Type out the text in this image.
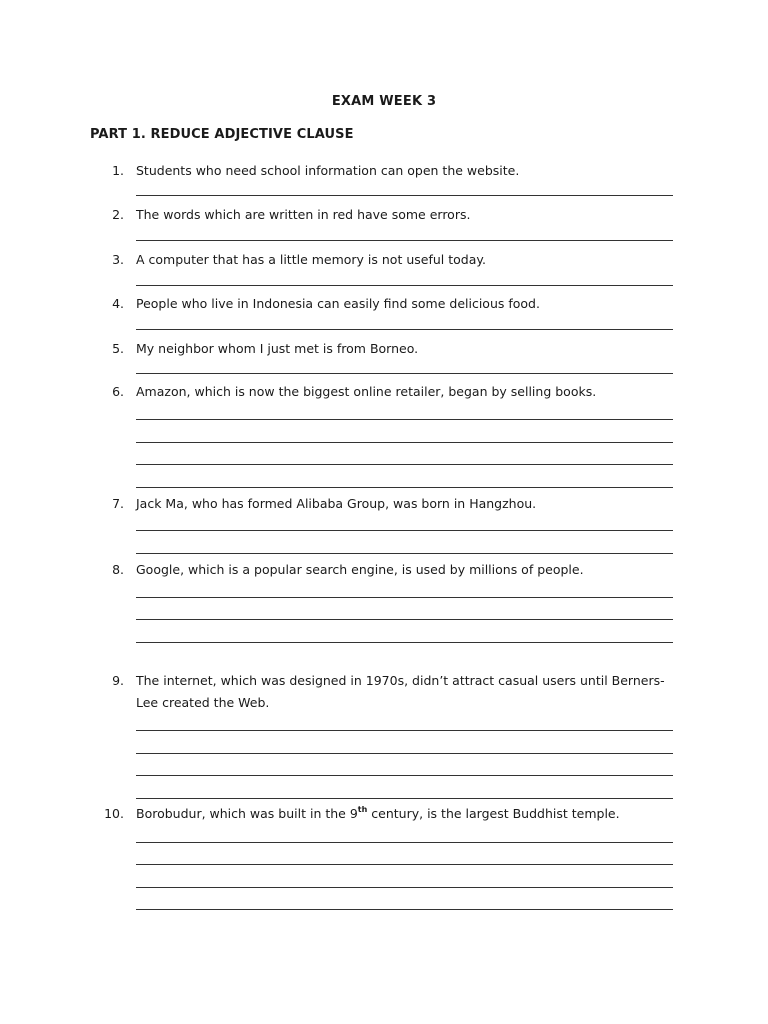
EXAM WEEK 3
PART 1. REDUCE ADJECTIVE CLAUSE
1. Students who need school information can open the website.
2. The words which are written in red have some errors.
3. A computer that has a little memory is not useful today.
4. People who live in Indonesia can easily find some delicious food.
5. My neighbor whom I just met is from Borneo.
6. Amazon, which is now the biggest online retailer, began by selling books.
7. Jack Ma, who has formed Alibaba Group, was born in Hangzhou.
8. Google, which is a popular search engine, is used by millions of people.
9. The internet, which was designed in 1970s, didn’t attract casual users until Berners-Lee created the Web.
10. Borobudur, which was built in the 9th century, is the largest Buddhist temple.
